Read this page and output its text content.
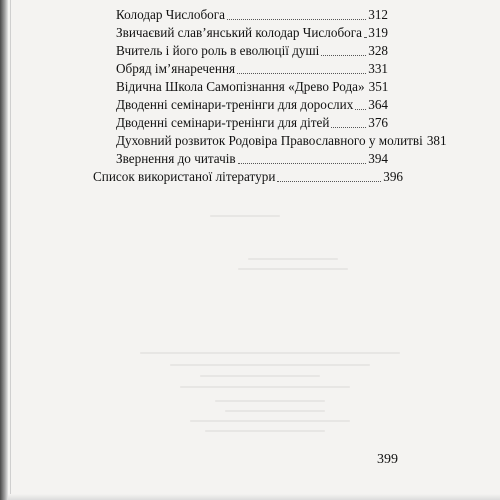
Колодар Числобога	312
Звичаєвий слав’янський колодар Числобога 319
Вчитель і його роль в еволюції душі	328
Обряд ім’янаречення	331
Відична Школа Самопізнання «Древо Рода» 351
Дводенні семінари-тренінги для дорослих 364
Дводенні семінари-тренінги для дітей	376
Духовний розвиток Родовіра Православного у молитві 381
Звернення до читачів	394
Список використаної літератури	396
399
